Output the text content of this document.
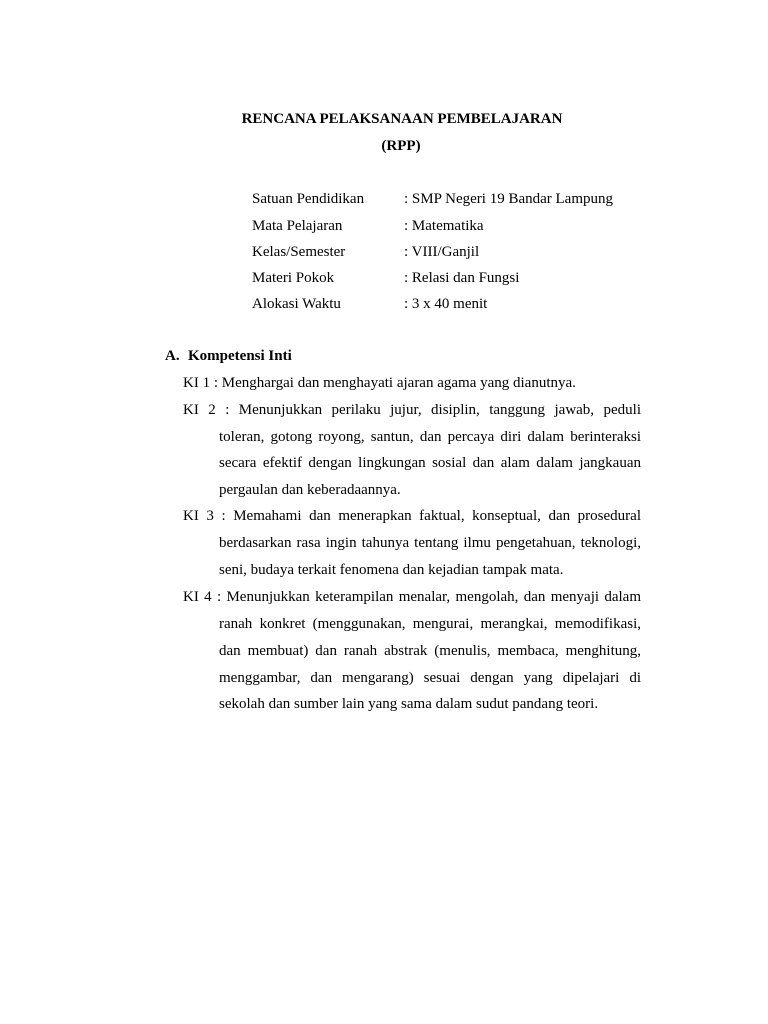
RENCANA PELAKSANAAN PEMBELAJARAN
(RPP)
Satuan Pendidikan	: SMP Negeri 19 Bandar Lampung
Mata Pelajaran	: Matematika
Kelas/Semester	: VIII/Ganjil
Materi Pokok	: Relasi dan Fungsi
Alokasi Waktu	: 3 x 40 menit
A. Kompetensi Inti
KI 1 : Menghargai dan menghayati ajaran agama yang dianutnya.
KI 2 : Menunjukkan perilaku jujur, disiplin, tanggung jawab, peduli
toleran, gotong royong, santun, dan percaya diri dalam berinteraksi
secara efektif dengan lingkungan sosial dan alam dalam jangkauan
pergaulan dan keberadaannya.
KI 3 : Memahami dan menerapkan faktual, konseptual, dan prosedural
berdasarkan rasa ingin tahunya tentang ilmu pengetahuan, teknologi,
seni, budaya terkait fenomena dan kejadian tampak mata.
KI 4 : Menunjukkan keterampilan menalar, mengolah, dan menyaji dalam
ranah konkret (menggunakan, mengurai, merangkai, memodifikasi,
dan membuat) dan ranah abstrak (menulis, membaca, menghitung,
menggambar, dan mengarang) sesuai dengan yang dipelajari di
sekolah dan sumber lain yang sama dalam sudut pandang teori.
